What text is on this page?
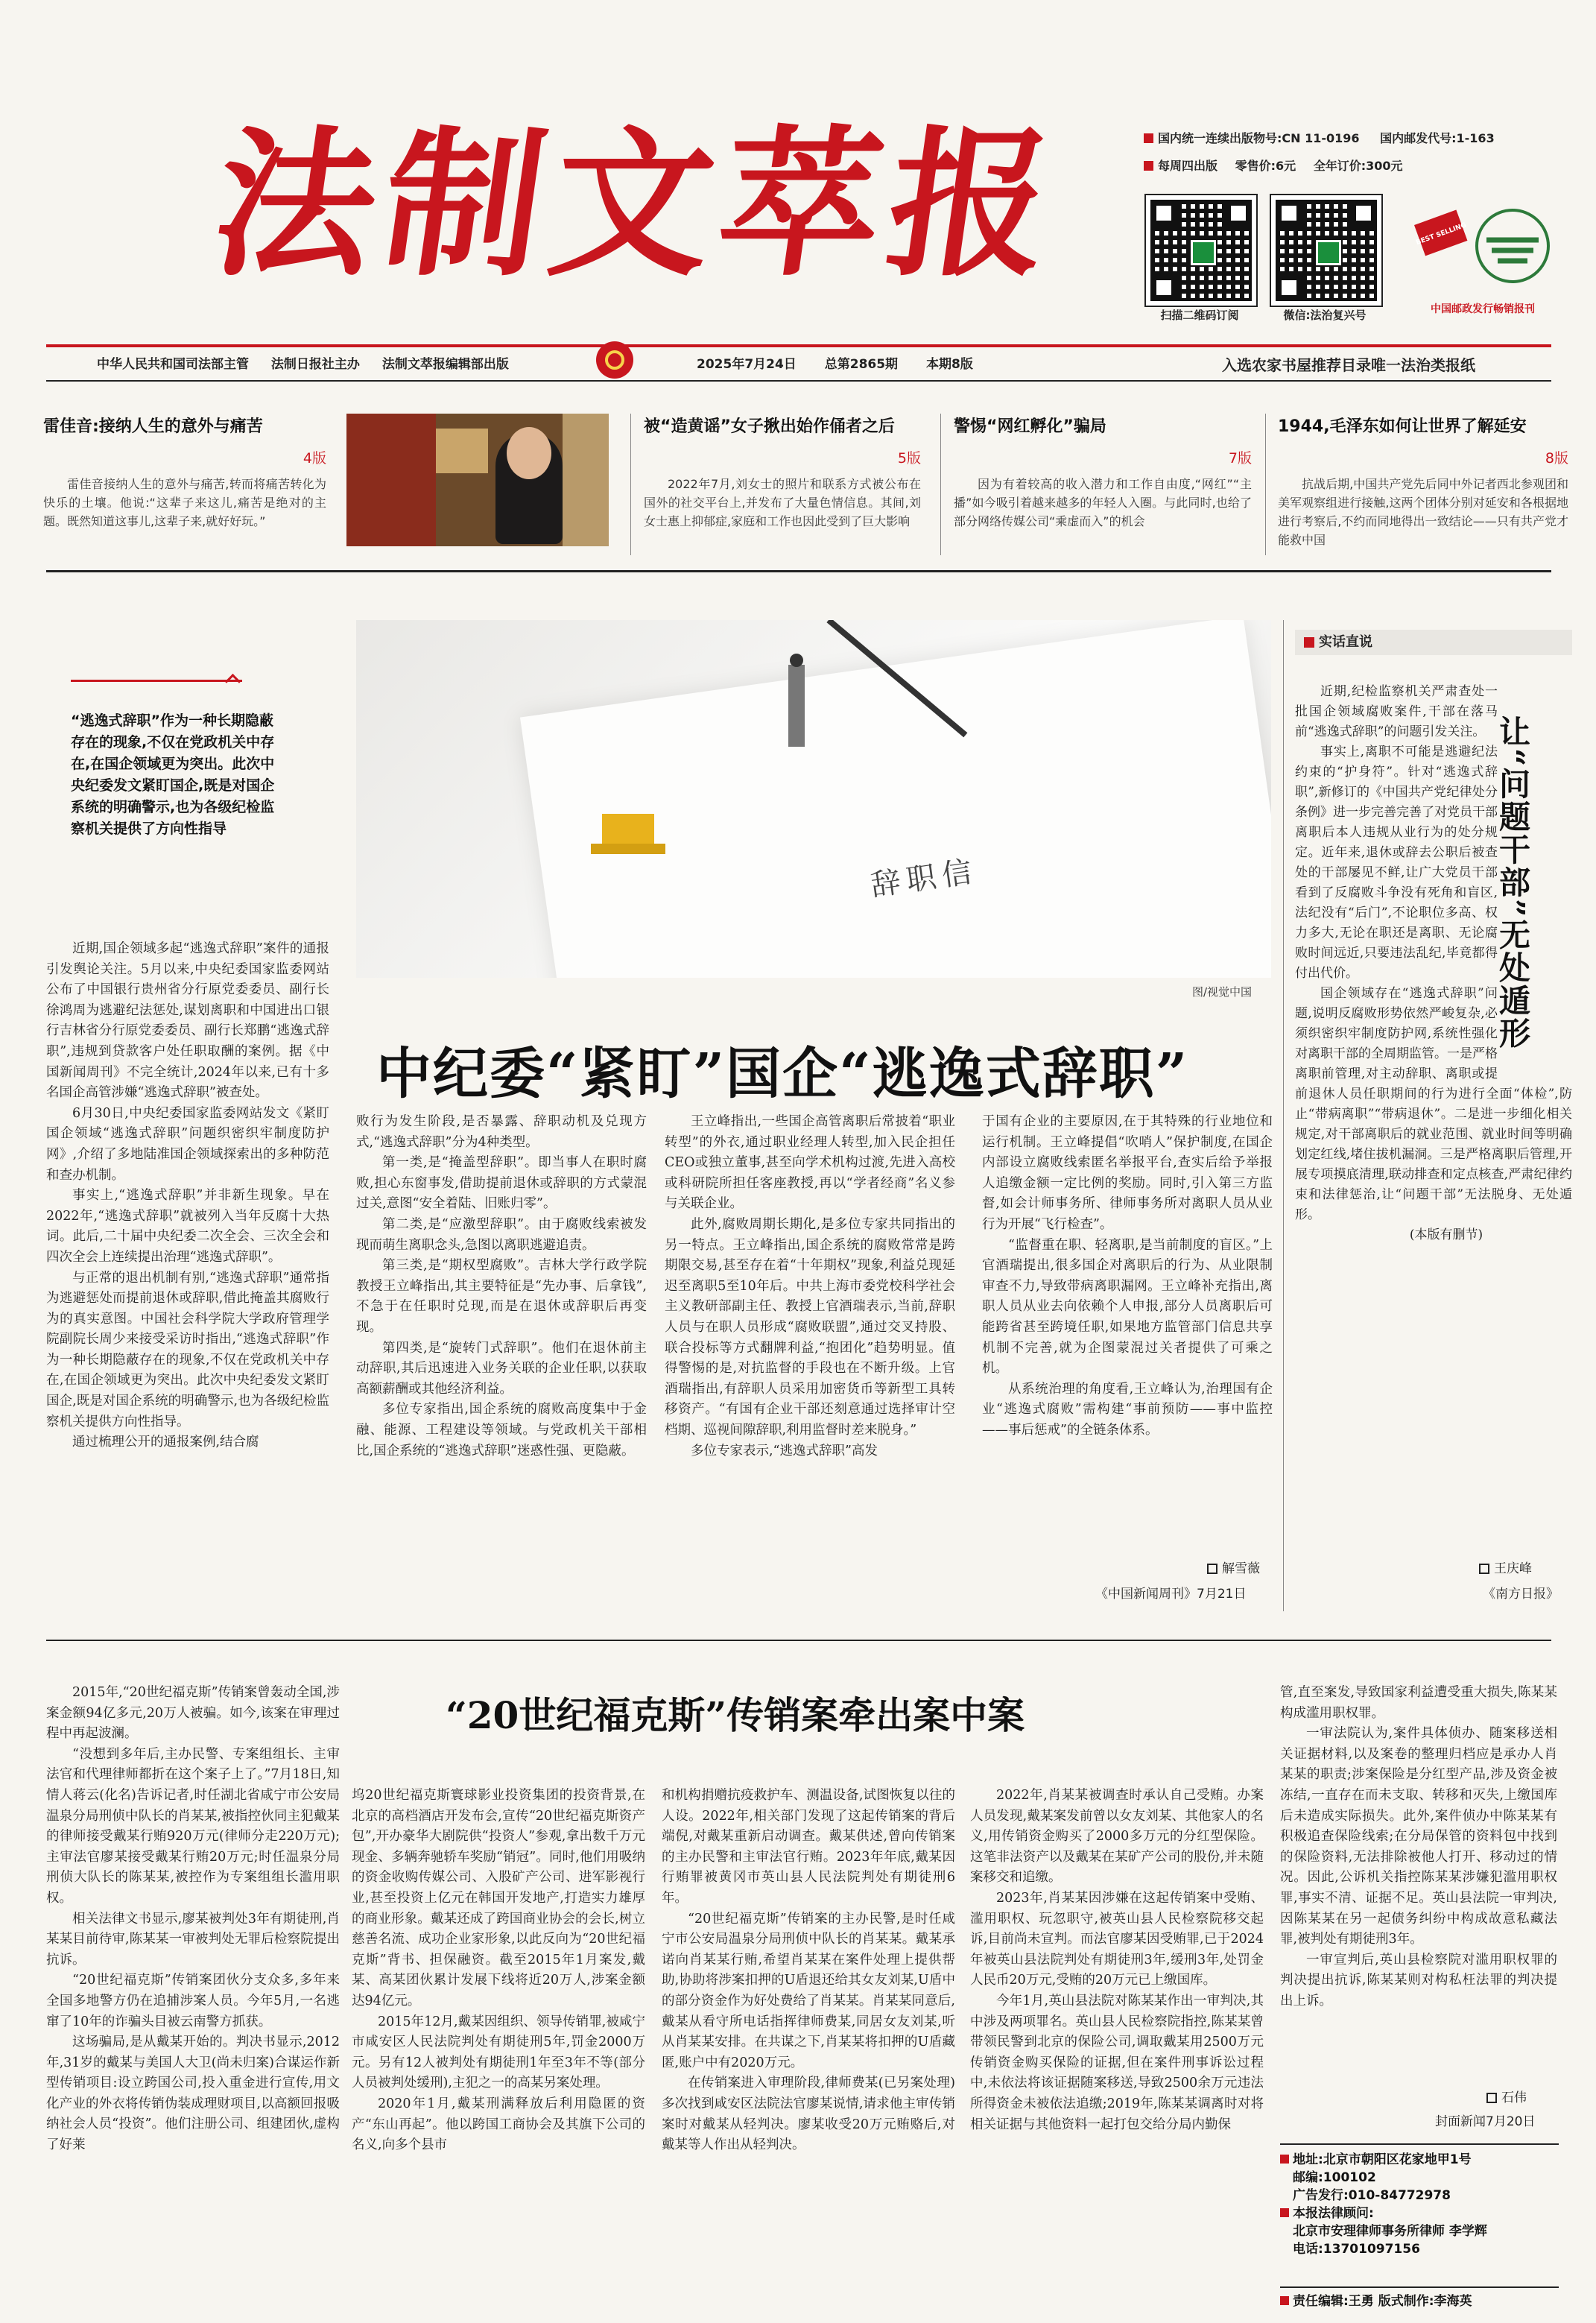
法制文萃报	国内统一连续出版物号:CN 11-0196 国内邮发代号:1-163
每周四出版 零售价:6元 全年订价:300元
扫描二维码订阅	微信:法治复兴号
BEST SELLING
中国邮政发行畅销报刊
中华人民共和国司法部主管 法制日报社主办 法制文萃报编辑部出版	2025年7月24日 总第2865期 本期8版	入选农家书屋推荐目录唯一法治类报纸
雷佳音:接纳人生的意外与痛苦
4版
雷佳音接纳人生的意外与痛苦,转而将痛苦转化为快乐的土壤。他说:“这辈子来这儿,痛苦是绝对的主题。既然知道这事儿,这辈子来,就好好玩。”
被“造黄谣”女子揪出始作俑者之后
5版
2022年7月,刘女士的照片和联系方式被公布在国外的社交平台上,并发布了大量色情信息。其间,刘女士惠上抑郁症,家庭和工作也因此受到了巨大影响
警惕“网红孵化”骗局
7版
因为有着较高的收入潜力和工作自由度,“网红”“主播”如今吸引着越来越多的年轻人入圈。与此同时,也给了部分网络传媒公司“乘虚而入”的机会
1944,毛泽东如何让世界了解延安
8版
抗战后期,中国共产党先后同中外记者西北参观团和美军观察组进行接触,这两个团体分别对延安和各根据地进行考察后,不约而同地得出一致结论——只有共产党才能救中国
辞职信
图/视觉中国
“逃逸式辞职”作为一种长期隐蔽存在的现象,不仅在党政机关中存在,在国企领域更为突出。此次中央纪委发文紧盯国企,既是对国企系统的明确警示,也为各级纪检监察机关提供了方向性指导
中纪委“紧盯”国企“逃逸式辞职”

近期,国企领域多起“逃逸式辞职”案件的通报引发舆论关注。5月以来,中央纪委国家监委网站公布了中国银行贵州省分行原党委委员、副行长徐鸿周为逃避纪法惩处,谋划离职和中国进出口银行吉林省分行原党委委员、副行长郑鹏“逃逸式辞职”,违规到贷款客户处任职取酬的案例。据《中国新闻周刊》不完全统计,2024年以来,已有十多名国企高管涉嫌“逃逸式辞职”被查处。

6月30日,中央纪委国家监委网站发文《紧盯国企领域“逃逸式辞职”问题织密织牢制度防护网》,介绍了多地陆准国企领域探索出的多种防范和查办机制。

事实上,“逃逸式辞职”并非新生现象。早在2022年,“逃逸式辞职”就被列入当年反腐十大热词。此后,二十届中央纪委二次全会、三次全会和四次全会上连续提出治理“逃逸式辞职”。

与正常的退出机制有别,“逃逸式辞职”通常指为逃避惩处而提前退休或辞职,借此掩盖其腐败行为的真实意图。中国社会科学院大学政府管理学院副院长周少来接受采访时指出,“逃逸式辞职”作为一种长期隐蔽存在的现象,不仅在党政机关中存在,在国企领域更为突出。此次中央纪委发文紧盯国企,既是对国企系统的明确警示,也为各级纪检监察机关提供方向性指导。

通过梳理公开的通报案例,结合腐

败行为发生阶段,是否暴露、辞职动机及兑现方式,“逃逸式辞职”分为4种类型。

第一类,是“掩盖型辞职”。即当事人在职时腐败,担心东窗事发,借助提前退休或辞职的方式蒙混过关,意图“安全着陆、旧账归零”。

第二类,是“应激型辞职”。由于腐败线索被发现而萌生离职念头,急图以离职逃避追责。

第三类,是“期权型腐败”。吉林大学行政学院教授王立峰指出,其主要特征是“先办事、后拿钱”,不急于在任职时兑现,而是在退休或辞职后再变现。

第四类,是“旋转门式辞职”。他们在退休前主动辞职,其后迅速进入业务关联的企业任职,以获取高额薪酬或其他经济利益。

多位专家指出,国企系统的腐败高度集中于金融、能源、工程建设等领域。与党政机关干部相比,国企系统的“逃逸式辞职”迷惑性强、更隐蔽。

王立峰指出,一些国企高管离职后常披着“职业转型”的外衣,通过职业经理人转型,加入民企担任CEO或独立董事,甚至向学术机构过渡,先进入高校或科研院所担任客座教授,再以“学者经商”名义参与关联企业。

此外,腐败周期长期化,是多位专家共同指出的另一特点。王立峰指出,国企系统的腐败常常是跨期限交易,甚至存在着“十年期权”现象,利益兑现延迟至离职5至10年后。中共上海市委党校科学社会主义教研部副主任、教授上官酒瑞表示,当前,辞职人员与在职人员形成“腐败联盟”,通过交叉持股、联合投标等方式翻牌利益,“抱团化”趋势明显。值得警惕的是,对抗监督的手段也在不断升级。上官酒瑞指出,有辞职人员采用加密货币等新型工具转移资产。“有国有企业干部还刻意通过选择审计空档期、巡视间隙辞职,利用监督时差来脱身。”

多位专家表示,“逃逸式辞职”高发

于国有企业的主要原因,在于其特殊的行业地位和运行机制。王立峰提倡“吹哨人”保护制度,在国企内部设立腐败线索匿名举报平台,查实后给予举报人追缴金额一定比例的奖励。同时,引入第三方监督,如会计师事务所、律师事务所对离职人员从业行为开展“飞行检查”。

“监督重在职、轻离职,是当前制度的盲区。”上官酒瑞提出,很多国企对离职后的行为、从业限制审查不力,导致带病离职漏网。王立峰补充指出,离职人员从业去向依赖个人申报,部分人员离职后可能跨省甚至跨境任职,如果地方监管部门信息共享机制不完善,就为企图蒙混过关者提供了可乘之机。

从系统治理的角度看,王立峰认为,治理国有企业“逃逸式腐败”需构建“事前预防——事中监控——事后惩戒”的全链条体系。

解雪薇
《中国新闻周刊》7月21日
实话直说
让“问题干部”无处遁形

近期,纪检监察机关严肃查处一批国企领域腐败案件,干部在落马前“逃逸式辞职”的问题引发关注。

事实上,离职不可能是逃避纪法约束的“护身符”。针对“逃逸式辞职”,新修订的《中国共产党纪律处分条例》进一步完善完善了对党员干部离职后本人违规从业行为的处分规定。近年来,退休或辞去公职后被查处的干部屡见不鲜,让广大党员干部看到了反腐败斗争没有死角和盲区,法纪没有“后门”,不论职位多高、权力多大,无论在职还是离职、无论腐败时间远近,只要违法乱纪,毕竟都得付出代价。

国企领域存在“逃逸式辞职”问题,说明反腐败形势依然严峻复杂,必须织密织牢制度防护网,系统性强化对离职干部的全周期监管。一是严格离职前管理,对主动辞职、离职或提前退休人员任职期间的行为进行全面“体检”,防止“带病离职”“带病退休”。二是进一步细化相关规定,对干部离职后的就业范围、就业时间等明确划定红线,堵住拔机漏洞。三是严格离职后管理,开展专项摸底清理,联动排查和定点核查,严肃纪律约束和法律惩治,让“问题干部”无法脱身、无处遁形。

(本版有删节)

王庆峰
《南方日报》
“20世纪福克斯”传销案牵出案中案

2015年,“20世纪福克斯”传销案曾轰动全国,涉案金额94亿多元,20万人被骗。如今,该案在审理过程中再起波澜。

“没想到多年后,主办民警、专案组组长、主审法官和代理律师都折在这个案子上了。”7月18日,知情人蒋云(化名)告诉记者,时任湖北省咸宁市公安局温泉分局刑侦中队长的肖某某,被指控伙同主犯戴某的律师接受戴某行贿920万元(律师分走220万元);主审法官廖某接受戴某行贿20万元;时任温泉分局刑侦大队长的陈某某,被控作为专案组组长滥用职权。

相关法律文书显示,廖某被判处3年有期徒刑,肖某某目前待审,陈某某一审被判处无罪后检察院提出抗诉。

“20世纪福克斯”传销案团伙分支众多,多年来全国多地警方仍在追捕涉案人员。今年5月,一名逃窜了10年的诈骗头目被云南警方抓获。

这场骗局,是从戴某开始的。判决书显示,2012年,31岁的戴某与美国人大卫(尚未归案)合谋运作新型传销项目:设立跨国公司,投入重金进行宣传,用文化产业的外衣将传销伪装成理财项目,以高额回报吸纳社会人员“投资”。他们注册公司、组建团伙,虚构了好莱

坞20世纪福克斯寰球影业投资集团的投资背景,在北京的高档酒店开发布会,宣传“20世纪福克斯资产包”,开办豪华大剧院供“投资人”参观,拿出数千万元现金、多辆奔驰轿车奖励“销冠”。同时,他们用吸纳的资金收购传媒公司、入股矿产公司、进军影视行业,甚至投资上亿元在韩国开发地产,打造实力雄厚的商业形象。戴某还成了跨国商业协会的会长,树立慈善名流、成功企业家形象,以此反向为“20世纪福克斯”背书、担保融资。截至2015年1月案发,戴某、高某团伙累计发展下线将近20万人,涉案金额达94亿元。

2015年12月,戴某因组织、领导传销罪,被咸宁市咸安区人民法院判处有期徒刑5年,罚金2000万元。另有12人被判处有期徒刑1年至3年不等(部分人员被判处缓刑),主犯之一的高某另案处理。

2020年1月,戴某刑满释放后利用隐匿的资产“东山再起”。他以跨国工商协会及其旗下公司的名义,向多个县市

和机构捐赠抗疫救护车、测温设备,试图恢复以往的人设。2022年,相关部门发现了这起传销案的背后端倪,对戴某重新启动调查。戴某供述,曾向传销案的主办民警和主审法官行贿。2023年年底,戴某因行贿罪被黄冈市英山县人民法院判处有期徒刑6年。

“20世纪福克斯”传销案的主办民警,是时任咸宁市公安局温泉分局刑侦中队长的肖某某。戴某承诺向肖某某行贿,希望肖某某在案件处理上提供帮助,协助将涉案扣押的U盾退还给其女友刘某,U盾中的部分资金作为好处费给了肖某某。肖某某同意后,戴某从看守所电话指挥律师费某,同居女友刘某,听从肖某某安排。在共谋之下,肖某某将扣押的U盾藏匿,账户中有2020万元。

在传销案进入审理阶段,律师费某(已另案处理)多次找到咸安区法院法官廖某说情,请求他主审传销案时对戴某从轻判决。廖某收受20万元贿赂后,对戴某等人作出从轻判决。

2022年,肖某某被调查时承认自己受贿。办案人员发现,戴某案发前曾以女友刘某、其他家人的名义,用传销资金购买了2000多万元的分红型保险。这笔非法资产以及戴某在某矿产公司的股份,并未随案移交和追缴。

2023年,肖某某因涉嫌在这起传销案中受贿、滥用职权、玩忽职守,被英山县人民检察院移交起诉,目前尚未宣判。而法官廖某因受贿罪,已于2024年被英山县法院判处有期徒刑3年,缓刑3年,处罚金人民币20万元,受贿的20万元已上缴国库。

今年1月,英山县法院对陈某某作出一审判决,其中涉及两项罪名。英山县人民检察院指控,陈某某曾带领民警到北京的保险公司,调取戴某用2500万元传销资金购买保险的证据,但在案件刑事诉讼过程中,未依法将该证据随案移送,导致2500余万元违法所得资金未被依法追缴;2019年,陈某某调离时对将相关证据与其他资料一起打包交给分局内勤保

管,直至案发,导致国家利益遭受重大损失,陈某某构成滥用职权罪。

一审法院认为,案件具体侦办、随案移送相关证据材料,以及案卷的整理归档应是承办人肖某某的职责;涉案保险是分红型产品,涉及资金被冻结,一直存在而未支取、转移和灭失,上缴国库后未造成实际损失。此外,案件侦办中陈某某有积极追查保险线索;在分局保管的资料包中找到的保险资料,无法排除被他人打开、移动过的情况。因此,公诉机关指控陈某某涉嫌犯滥用职权罪,事实不清、证据不足。英山县法院一审判决,因陈某某在另一起债务纠纷中构成故意私藏法罪,被判处有期徒刑3年。

一审宣判后,英山县检察院对滥用职权罪的判决提出抗诉,陈某某则对构私枉法罪的判决提出上诉。

石伟
封面新闻7月20日
地址:北京市朝阳区花家地甲1号
邮编:100102
广告发行:010-84772978
本报法律顾问:
北京市安理律师事务所律师 李学辉
电话:13701097156
责任编辑:王勇 版式制作:李海英
